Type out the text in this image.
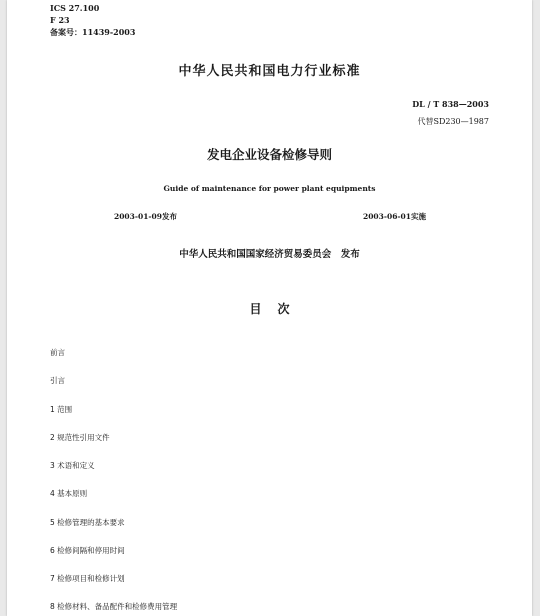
ICS 27.100
F 23
备案号：11439-2003
中华人民共和国电力行业标准
DL / T 838—2003
代替SD230—1987
发电企业设备检修导则
Guide of maintenance for power plant equipments
2003-01-09发布	2003-06-01实施
中华人民共和国国家经济贸易委员会　发布
目次
前言
引言
1 范围
2 规范性引用文件
3 术语和定义
4 基本原则
5 检修管理的基本要求
6 检修间隔和停用时间
7 检修项目和检修计划
8 检修材料、备品配件和检修费用管理
